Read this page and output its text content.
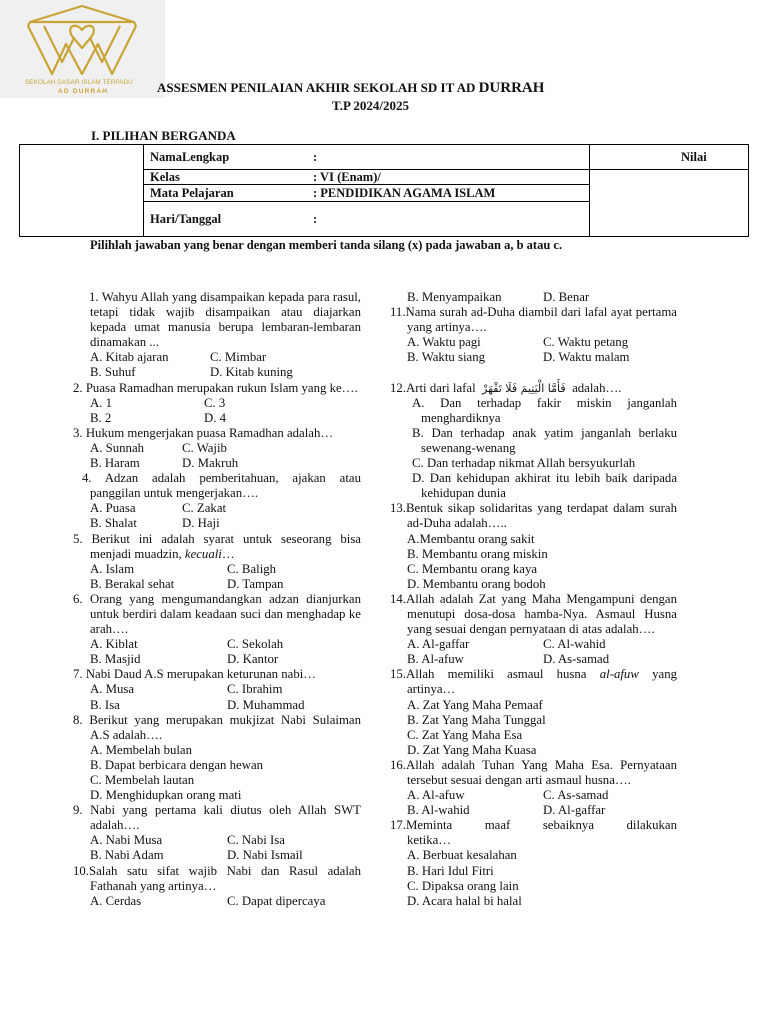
SEKOLAH DASAR ISLAM TERPADU
AD DURRAH	ASSESMEN PENILAIAN AKHIR SEKOLAH SD IT AD DURRAH
T.P 2024/2025
I. PILIHAN BERGANDA
NamaLengkap	:	Nilai
Kelas	: VI (Enam)/
Mata Pelajaran	: PENDIDIKAN AGAMA ISLAM
Hari/Tanggal	:
Pilihlah jawaban yang benar dengan memberi tanda silang (x) pada jawaban a, b atau c.
1. Wahyu Allah yang disampaikan kepada para rasul, tetapi tidak wajib disampaikan atau diajarkan kepada umat manusia berupa lembaran-lembaran dinamakan ...
A. Kitab ajaran	C. Mimbar
B. Suhuf	D. Kitab kuning
2. Puasa Ramadhan merupakan rukun Islam yang ke….
A. 1	C. 3
B. 2	D. 4
3. Hukum mengerjakan puasa Ramadhan adalah…
A. Sunnah	C. Wajib
B. Haram	D. Makruh
4. Adzan adalah pemberitahuan, ajakan atau panggilan untuk mengerjakan….
A. Puasa	C. Zakat
B. Shalat	D. Haji
5. Berikut ini adalah syarat untuk seseorang bisa menjadi muadzin, kecuali…
A. Islam	C. Baligh
B. Berakal sehat	D. Tampan
6. Orang yang mengumandangkan adzan dianjurkan untuk berdiri dalam keadaan suci dan menghadap ke arah….
A. Kiblat	C. Sekolah
B. Masjid	D. Kantor
7. Nabi Daud A.S merupakan keturunan nabi…
A. Musa	C. Ibrahim
B. Isa	D. Muhammad
8. Berikut yang merupakan mukjizat Nabi Sulaiman A.S adalah….
A. Membelah bulan
B. Dapat berbicara dengan hewan
C. Membelah lautan
D. Menghidupkan orang mati
9. Nabi yang pertama kali diutus oleh Allah SWT adalah….
A. Nabi Musa	C. Nabi Isa
B. Nabi Adam	D. Nabi Ismail
10.Salah satu sifat wajib Nabi dan Rasul adalah Fathanah yang artinya…
A. Cerdas	C. Dapat dipercaya
B. Menyampaikan	D. Benar
11.Nama surah ad-Duha diambil dari lafal ayat pertama yang artinya….
A. Waktu pagi	C. Waktu petang
B. Waktu siang	D. Waktu malam
12.Arti dari lafal فَأَمَّا الْيَتِيمَ فَلَا تَقْهَرْ adalah….
A. Dan terhadap fakir miskin janganlah menghardiknya
B. Dan terhadap anak yatim janganlah berlaku sewenang-wenang
C. Dan terhadap nikmat Allah bersyukurlah
D. Dan kehidupan akhirat itu lebih baik daripada kehidupan dunia
13.Bentuk sikap solidaritas yang terdapat dalam surah ad-Duha adalah…..
A.Membantu orang sakit
B. Membantu orang miskin
C. Membantu orang kaya
D. Membantu orang bodoh
14.Allah adalah Zat yang Maha Mengampuni dengan menutupi dosa-dosa hamba-Nya. Asmaul Husna yang sesuai dengan pernyataan di atas adalah….
A. Al-gaffar	C. Al-wahid
B. Al-afuw	D. As-samad
15.Allah memiliki asmaul husna al-afuw yang artinya…
A. Zat Yang Maha Pemaaf
B. Zat Yang Maha Tunggal
C. Zat Yang Maha Esa
D. Zat Yang Maha Kuasa
16.Allah adalah Tuhan Yang Maha Esa. Pernyataan tersebut sesuai dengan arti asmaul husna….
A. Al-afuw	C. As-samad
B. Al-wahid	D. Al-gaffar
17.Meminta maaf sebaiknya dilakukan ketika…
A. Berbuat kesalahan
B. Hari Idul Fitri
C. Dipaksa orang lain
D. Acara halal bi halal
